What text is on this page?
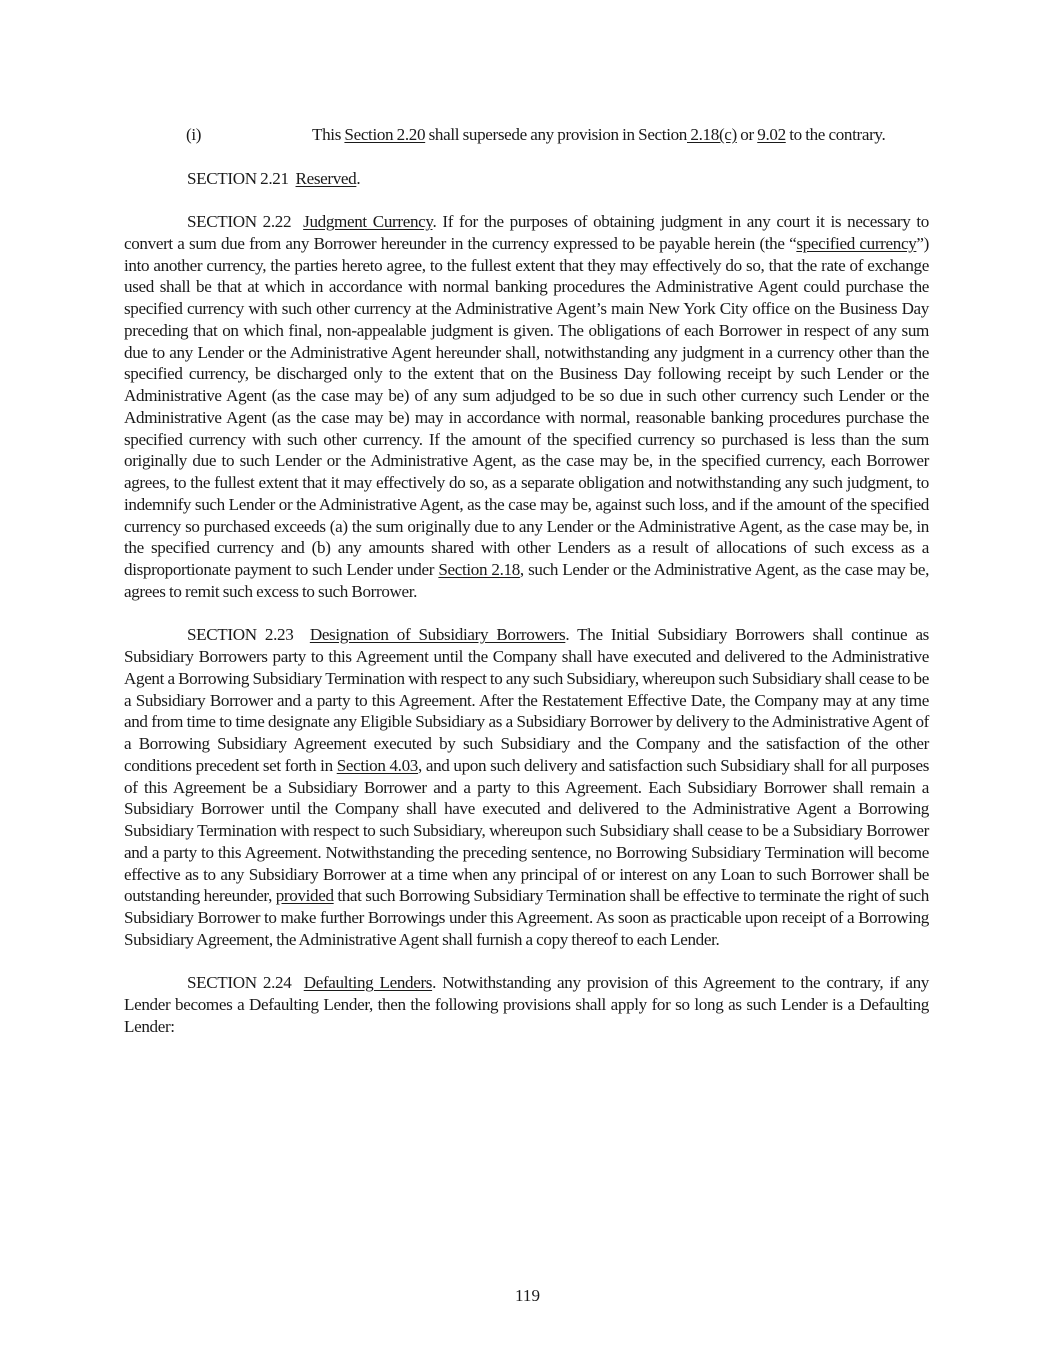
(i)	This Section 2.20 shall supersede any provision in Section 2.18(c) or 9.02 to the contrary.

SECTION 2.21 Reserved.

SECTION 2.22 Judgment Currency. If for the purposes of obtaining judgment in any court it is necessary to convert a sum due from any Borrower hereunder in the currency expressed to be payable herein (the “specified currency”) into another currency, the parties hereto agree, to the fullest extent that they may effectively do so, that the rate of exchange used shall be that at which in accordance with normal banking procedures the Administrative Agent could purchase the specified currency with such other currency at the Administrative Agent’s main New York City office on the Business Day preceding that on which final, non-appealable judgment is given. The obligations of each Borrower in respect of any sum due to any Lender or the Administrative Agent hereunder shall, notwithstanding any judgment in a currency other than the specified currency, be discharged only to the extent that on the Business Day following receipt by such Lender or the Administrative Agent (as the case may be) of any sum adjudged to be so due in such other currency such Lender or the Administrative Agent (as the case may be) may in accordance with normal, reasonable banking procedures purchase the specified currency with such other currency. If the amount of the specified currency so purchased is less than the sum originally due to such Lender or the Administrative Agent, as the case may be, in the specified currency, each Borrower agrees, to the fullest extent that it may effectively do so, as a separate obligation and notwithstanding any such judgment, to indemnify such Lender or the Administrative Agent, as the case may be, against such loss, and if the amount of the specified currency so purchased exceeds (a) the sum originally due to any Lender or the Administrative Agent, as the case may be, in the specified currency and (b) any amounts shared with other Lenders as a result of allocations of such excess as a disproportionate payment to such Lender under Section 2.18, such Lender or the Administrative Agent, as the case may be, agrees to remit such excess to such Borrower.

SECTION 2.23 Designation of Subsidiary Borrowers. The Initial Subsidiary Borrowers shall continue as Subsidiary Borrowers party to this Agreement until the Company shall have executed and delivered to the Administrative Agent a Borrowing Subsidiary Termination with respect to any such Subsidiary, whereupon such Subsidiary shall cease to be a Subsidiary Borrower and a party to this Agreement. After the Restatement Effective Date, the Company may at any time and from time to time designate any Eligible Subsidiary as a Subsidiary Borrower by delivery to the Administrative Agent of a Borrowing Subsidiary Agreement executed by such Subsidiary and the Company and the satisfaction of the other conditions precedent set forth in Section 4.03, and upon such delivery and satisfaction such Subsidiary shall for all purposes of this Agreement be a Subsidiary Borrower and a party to this Agreement. Each Subsidiary Borrower shall remain a Subsidiary Borrower until the Company shall have executed and delivered to the Administrative Agent a Borrowing Subsidiary Termination with respect to such Subsidiary, whereupon such Subsidiary shall cease to be a Subsidiary Borrower and a party to this Agreement. Notwithstanding the preceding sentence, no Borrowing Subsidiary Termination will become effective as to any Subsidiary Borrower at a time when any principal of or interest on any Loan to such Borrower shall be outstanding hereunder, provided that such Borrowing Subsidiary Termination shall be effective to terminate the right of such Subsidiary Borrower to make further Borrowings under this Agreement. As soon as practicable upon receipt of a Borrowing Subsidiary Agreement, the Administrative Agent shall furnish a copy thereof to each Lender.

SECTION 2.24 Defaulting Lenders. Notwithstanding any provision of this Agreement to the contrary, if any Lender becomes a Defaulting Lender, then the following provisions shall apply for so long as such Lender is a Defaulting Lender:

119
